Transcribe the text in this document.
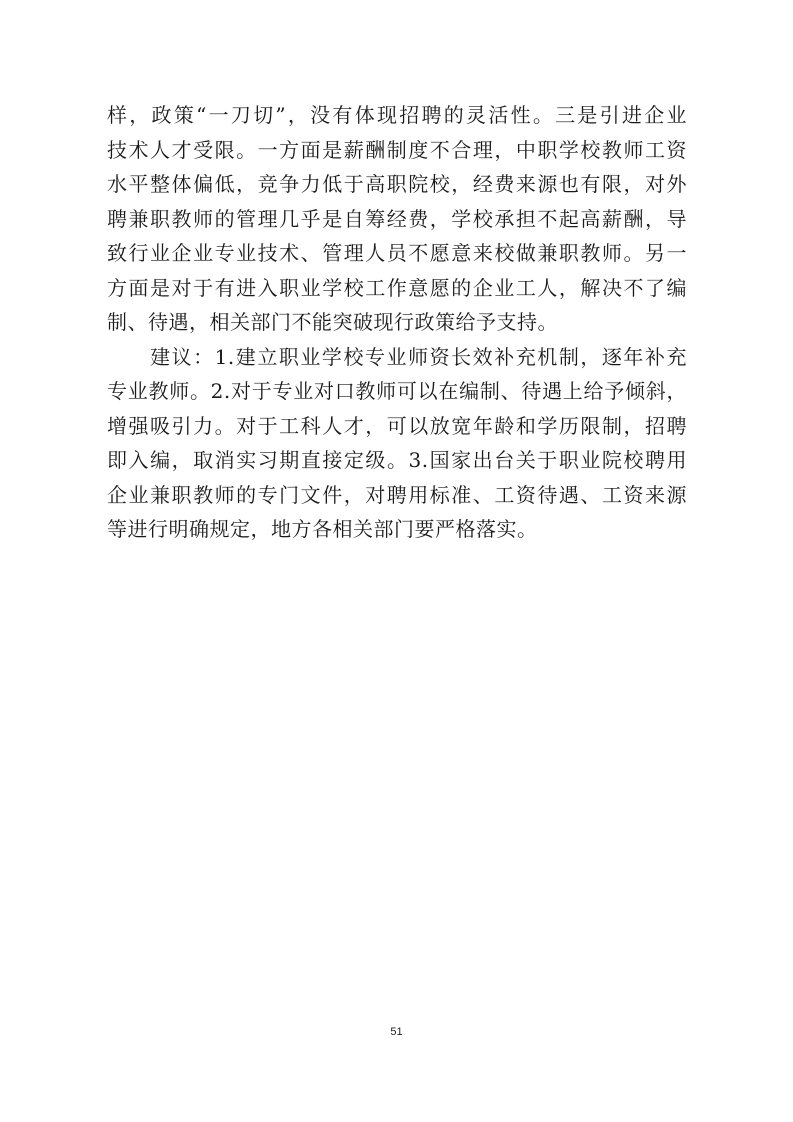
样，政策“一刀切”，没有体现招聘的灵活性。三是引进企业
技术人才受限。一方面是薪酬制度不合理，中职学校教师工资
水平整体偏低，竞争力低于高职院校，经费来源也有限，对外
聘兼职教师的管理几乎是自筹经费，学校承担不起高薪酬，导
致行业企业专业技术、管理人员不愿意来校做兼职教师。另一
方面是对于有进入职业学校工作意愿的企业工人，解决不了编
制、待遇，相关部门不能突破现行政策给予支持。
　　建议：1.建立职业学校专业师资长效补充机制，逐年补充
专业教师。2.对于专业对口教师可以在编制、待遇上给予倾斜，
增强吸引力。对于工科人才，可以放宽年龄和学历限制，招聘
即入编，取消实习期直接定级。3.国家出台关于职业院校聘用
企业兼职教师的专门文件，对聘用标准、工资待遇、工资来源
等进行明确规定，地方各相关部门要严格落实。
51
